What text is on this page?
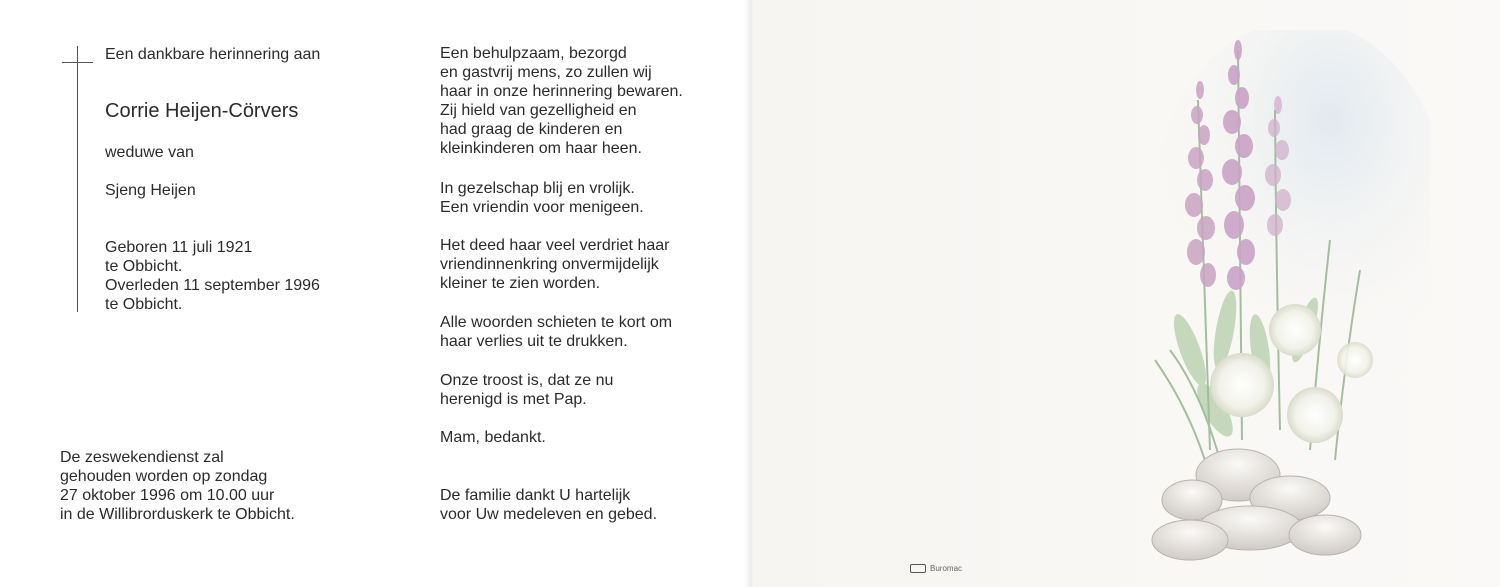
Een dankbare herinnering aan

Corrie Heijen-Cörvers

weduwe van

Sjeng Heijen

Geboren 11 juli 1921
te Obbicht.
Overleden 11 september 1996
te Obbicht.
De zeswekendienst zal
gehouden worden op zondag
27 oktober 1996 om 10.00 uur
in de Willibrorduskerk te Obbicht.
Een behulpzaam, bezorgd
en gastvrij mens, zo zullen wij
haar in onze herinnering bewaren.
Zij hield van gezelligheid en
had graag de kinderen en
kleinkinderen om haar heen.
In gezelschap blij en vrolijk.
Een vriendin voor menigeen.
Het deed haar veel verdriet haar
vriendinnenkring onvermijdelijk
kleiner te zien worden.
Alle woorden schieten te kort om
haar verlies uit te drukken.
Onze troost is, dat ze nu
herenigd is met Pap.
Mam, bedankt.
De familie dankt U hartelijk
voor Uw medeleven en gebed.
Buromac
